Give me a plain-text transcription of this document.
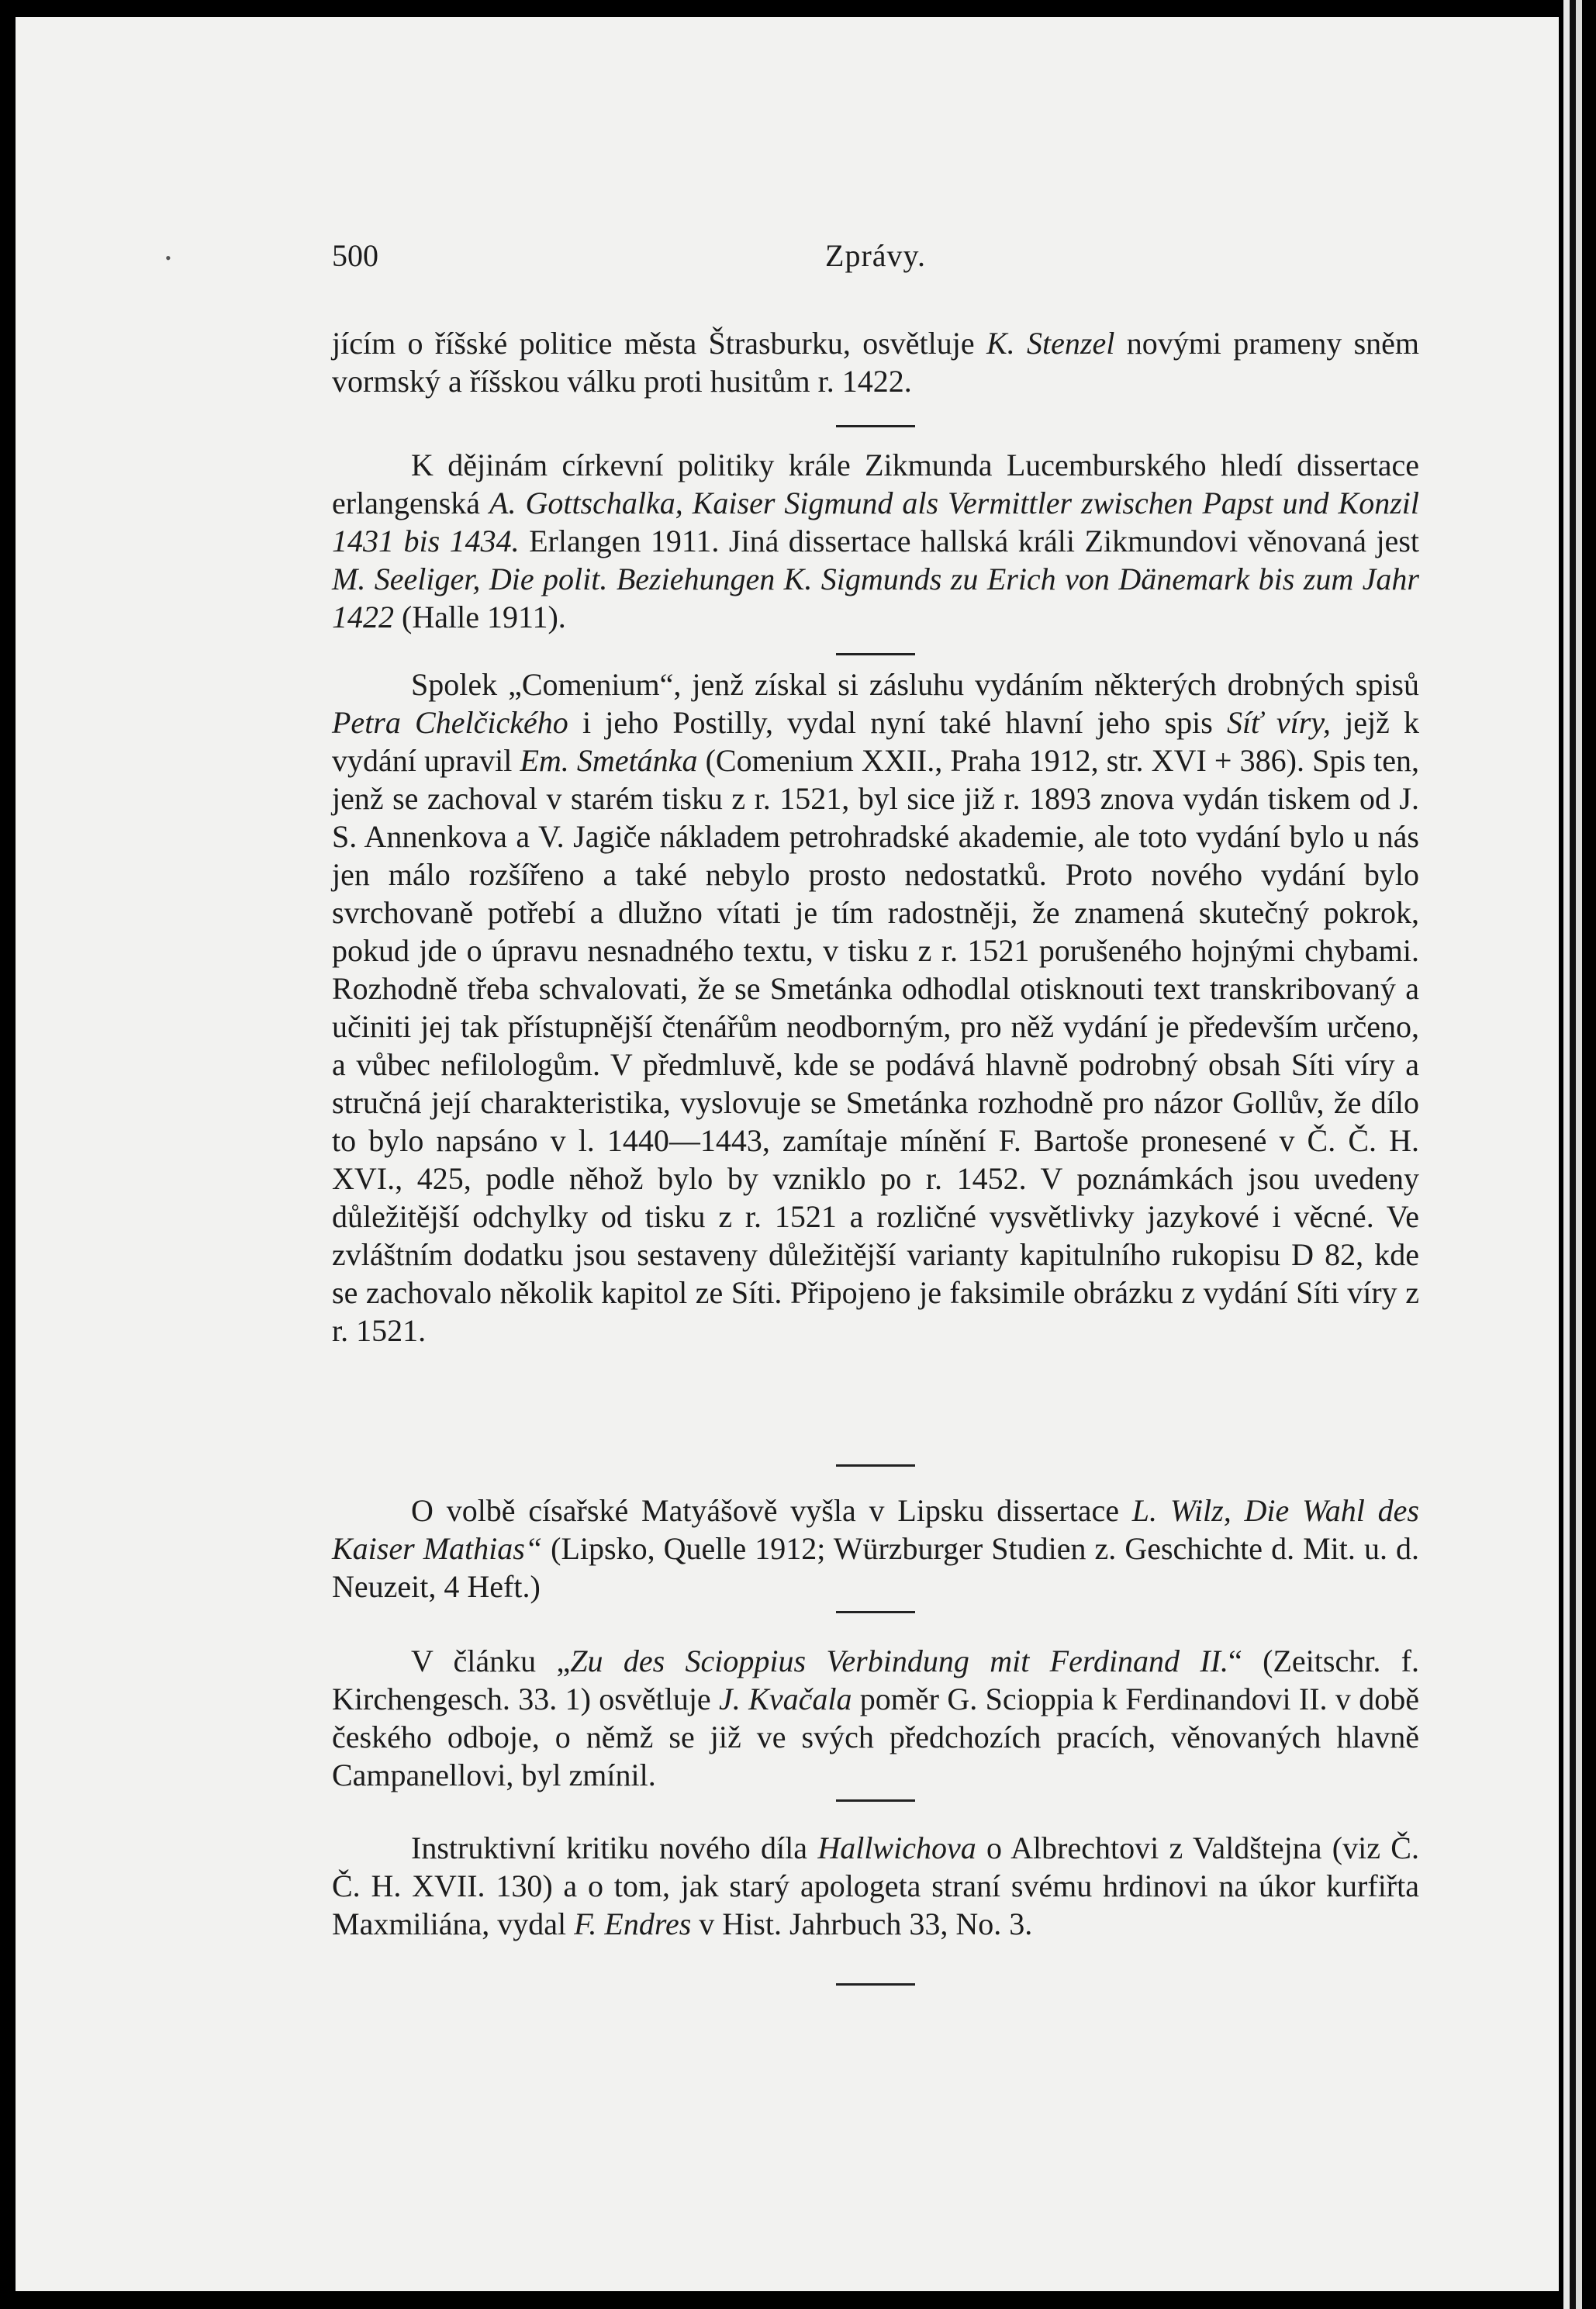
•	500	Zprávy.

jícím o říšské politice města Štrasburku, osvětluje K. Stenzel novými prameny sněm vormský a říšskou válku proti husitům r. 1422.

K dějinám církevní politiky krále Zikmunda Lucemburského hledí dissertace erlangenská A. Gottschalka, Kaiser Sigmund als Vermittler zwischen Papst und Konzil 1431 bis 1434. Erlangen 1911. Jiná dissertace hallská králi Zikmundovi věnovaná jest M. Seeliger, Die polit. Beziehungen K. Sigmunds zu Erich von Dänemark bis zum Jahr 1422 (Halle 1911).

Spolek „Comenium“, jenž získal si zásluhu vydáním některých drobných spisů Petra Chelčického i jeho Postilly, vydal nyní také hlavní jeho spis Síť víry, jejž k vydání upravil Em. Smetánka (Comenium XXII., Praha 1912, str. XVI + 386). Spis ten, jenž se zachoval v starém tisku z r. 1521, byl sice již r. 1893 znova vydán tiskem od J. S. Annenkova a V. Jagiče nákladem petrohradské akademie, ale toto vydání bylo u nás jen málo rozšířeno a také nebylo prosto nedostatků. Proto nového vydání bylo svrchovaně potřebí a dlužno vítati je tím radostněji, že znamená skutečný pokrok, pokud jde o úpravu nesnadného textu, v tisku z r. 1521 porušeného hojnými chybami. Rozhodně třeba schvalovati, že se Smetánka odhodlal otisknouti text transkribovaný a učiniti jej tak přístupnější čtenářům neodborným, pro něž vydání je především určeno, a vůbec nefilologům. V předmluvě, kde se podává hlavně podrobný obsah Síti víry a stručná její charakteristika, vyslovuje se Smetánka rozhodně pro názor Gollův, že dílo to bylo napsáno v l. 1440—1443, zamítaje mínění F. Bartoše pronesené v Č. Č. H. XVI., 425, podle něhož bylo by vzniklo po r. 1452. V poznámkách jsou uvedeny důležitější odchylky od tisku z r. 1521 a rozličné vysvětlivky jazykové i věcné. Ve zvláštním dodatku jsou sestaveny důležitější varianty kapitulního rukopisu D 82, kde se zachovalo několik kapitol ze Síti. Připojeno je faksimile obrázku z vydání Síti víry z r. 1521.

O volbě císařské Matyášově vyšla v Lipsku dissertace L. Wilz, Die Wahl des Kaiser Mathias“ (Lipsko, Quelle 1912; Würzburger Studien z. Geschichte d. Mit. u. d. Neuzeit, 4 Heft.)

V článku „Zu des Scioppius Verbindung mit Ferdinand II.“ (Zeitschr. f. Kirchengesch. 33. 1) osvětluje J. Kvačala poměr G. Scioppia k Ferdinandovi II. v době českého odboje, o němž se již ve svých předchozích pracích, věnovaných hlavně Campanellovi, byl zmínil.

Instruktivní kritiku nového díla Hallwichova o Albrechtovi z Valdštejna (viz Č. Č. H. XVII. 130) a o tom, jak starý apologeta straní svému hrdinovi na úkor kurfiřta Maxmiliána, vydal F. Endres v Hist. Jahrbuch 33, No. 3.
